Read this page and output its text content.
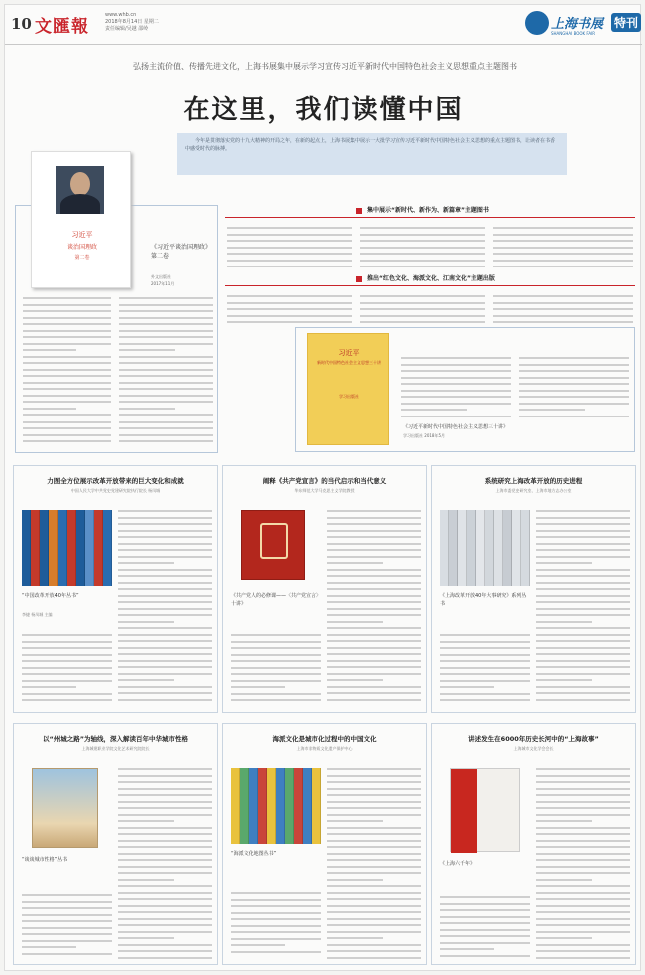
10 文匯報
www.whb.cn
2018年8月14日 星期二
责任编辑/吴越 邵岭	上海书展 特刊
SHANGHAI BOOK FAIR
弘扬主流价值、传播先进文化，上海书展集中展示学习宣传习近平新时代中国特色社会主义思想重点主题图书
在这里，我们读懂中国
今年是贯彻落实党的十九大精神的开局之年，在新的起点上，上海书展集中展示一大批学习宣传习近平新时代中国特色社会主义思想的重点主题图书，让读者在书香中感受时代的脉搏。
习近平
谈治国理政
第二卷
《习近平谈治国理政》
第二卷
外文出版社
2017年11月
集中展示“新时代、新作为、新篇章”主题图书
推出“红色文化、海派文化、江南文化”主题出版
习近平
新时代中国特色社会主义思想三十讲
学习出版社
《习近平新时代中国特色社会主义思想三十讲》
学习出版社 2018年5月
力图全方位展示改革开放带来的巨大变化和成就
中国人民大学中共党史党建研究院执行院长 杨凤城
“中国改革开放40年丛书”
李捷 杨凤城 主编
阐释《共产党宣言》的当代启示和当代意义
华东师范大学马克思主义学院教授
《共产党人的必修课——〈共产党宣言〉十讲》
系统研究上海改革开放的历史进程
上海市委党史研究室、上海市地方志办公室
《上海改革开放40年大事研究》系列丛书
以“州城之路”为轴线，深入解读百年中华城市性格
上海城建职业学院文化艺术研究院院长
“谈谈城市性格”丛书
海派文化是城市化过程中的中国文化
上海市非物质文化遗产保护中心
“海派文化地图丛书”
讲述发生在6000年历史长河中的“上海故事”
上海城市文化学会会长
《上海六千年》
